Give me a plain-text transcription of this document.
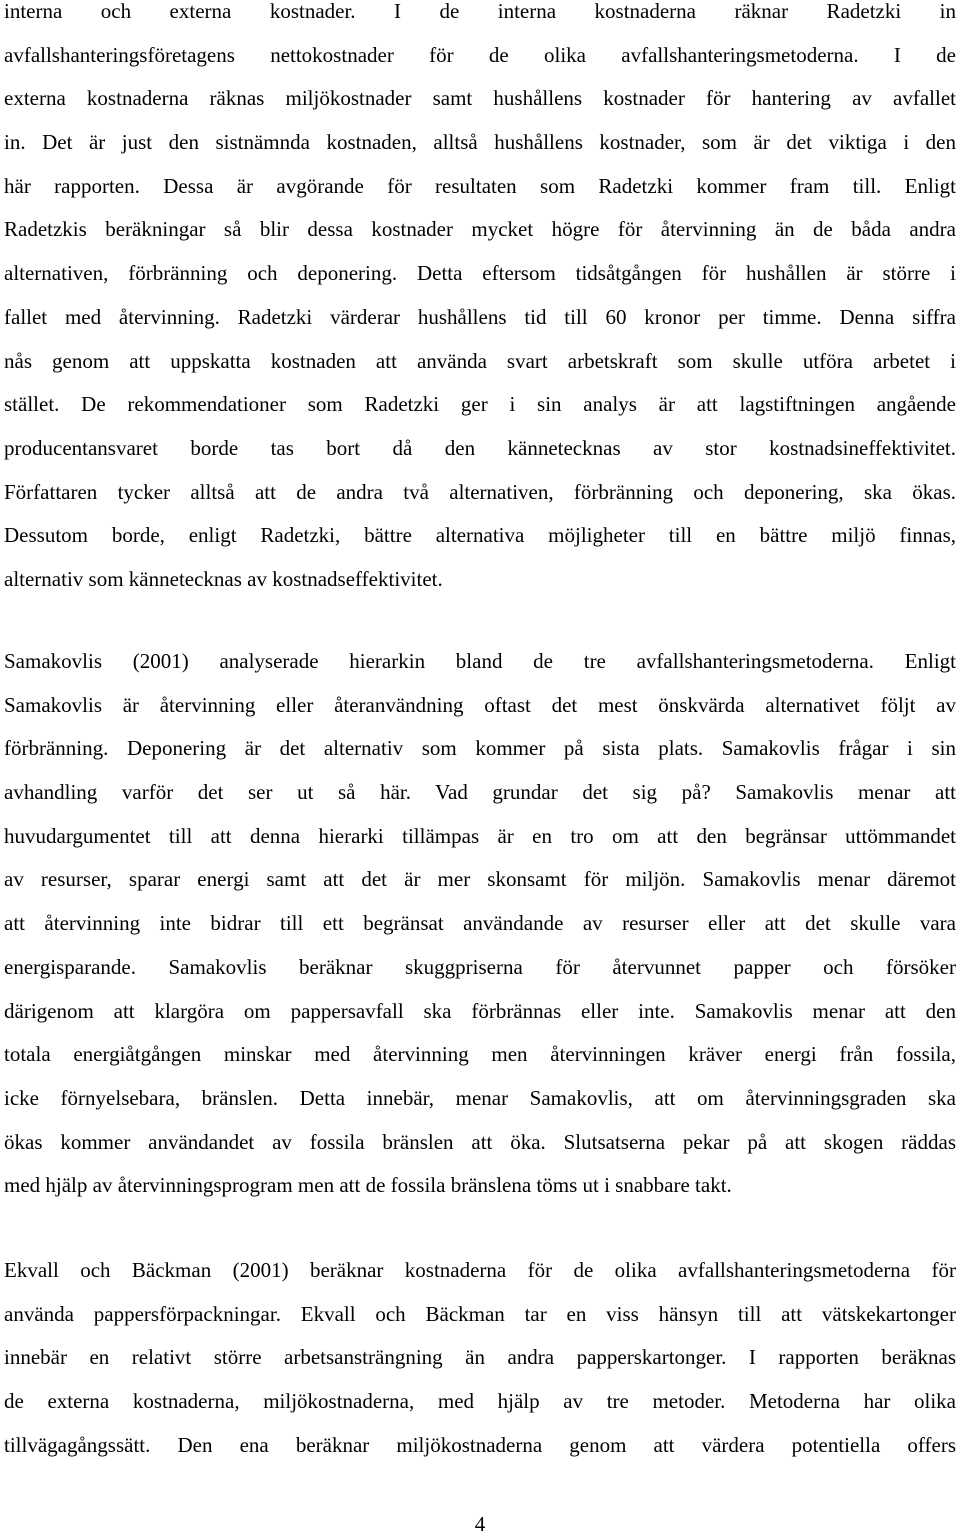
interna och externa kostnader. I de interna kostnaderna räknar Radetzki in
avfallshanteringsföretagens nettokostnader för de olika avfallshanteringsmetoderna. I de
externa kostnaderna räknas miljökostnader samt hushållens kostnader för hantering av avfallet
in. Det är just den sistnämnda kostnaden, alltså hushållens kostnader, som är det viktiga i den
här rapporten. Dessa är avgörande för resultaten som Radetzki kommer fram till. Enligt
Radetzkis beräkningar så blir dessa kostnader mycket högre för återvinning än de båda andra
alternativen, förbränning och deponering. Detta eftersom tidsåtgången för hushållen är större i
fallet med återvinning. Radetzki värderar hushållens tid till 60 kronor per timme. Denna siffra
nås genom att uppskatta kostnaden att använda svart arbetskraft som skulle utföra arbetet i
stället. De rekommendationer som Radetzki ger i sin analys är att lagstiftningen angående
producentansvaret borde tas bort då den kännetecknas av stor kostnadsineffektivitet.
Författaren tycker alltså att de andra två alternativen, förbränning och deponering, ska ökas.
Dessutom borde, enligt Radetzki, bättre alternativa möjligheter till en bättre miljö finnas,
alternativ som kännetecknas av kostnadseffektivitet.
Samakovlis (2001) analyserade hierarkin bland de tre avfallshanteringsmetoderna. Enligt
Samakovlis är återvinning eller återanvändning oftast det mest önskvärda alternativet följt av
förbränning. Deponering är det alternativ som kommer på sista plats. Samakovlis frågar i sin
avhandling varför det ser ut så här. Vad grundar det sig på? Samakovlis menar att
huvudargumentet till att denna hierarki tillämpas är en tro om att den begränsar uttömmandet
av resurser, sparar energi samt att det är mer skonsamt för miljön. Samakovlis menar däremot
att återvinning inte bidrar till ett begränsat användande av resurser eller att det skulle vara
energisparande. Samakovlis beräknar skuggpriserna för återvunnet papper och försöker
därigenom att klargöra om pappersavfall ska förbrännas eller inte. Samakovlis menar att den
totala energiåtgången minskar med återvinning men återvinningen kräver energi från fossila,
icke förnyelsebara, bränslen. Detta innebär, menar Samakovlis, att om återvinningsgraden ska
ökas kommer användandet av fossila bränslen att öka. Slutsatserna pekar på att skogen räddas
med hjälp av återvinningsprogram men att de fossila bränslena töms ut i snabbare takt.
Ekvall och Bäckman (2001) beräknar kostnaderna för de olika avfallshanteringsmetoderna för
använda pappersförpackningar. Ekvall och Bäckman tar en viss hänsyn till att vätskekartonger
innebär en relativt större arbetsansträngning än andra papperskartonger. I rapporten beräknas
de externa kostnaderna, miljökostnaderna, med hjälp av tre metoder. Metoderna har olika
tillvägagångssätt. Den ena beräknar miljökostnaderna genom att värdera potentiella offers
4
